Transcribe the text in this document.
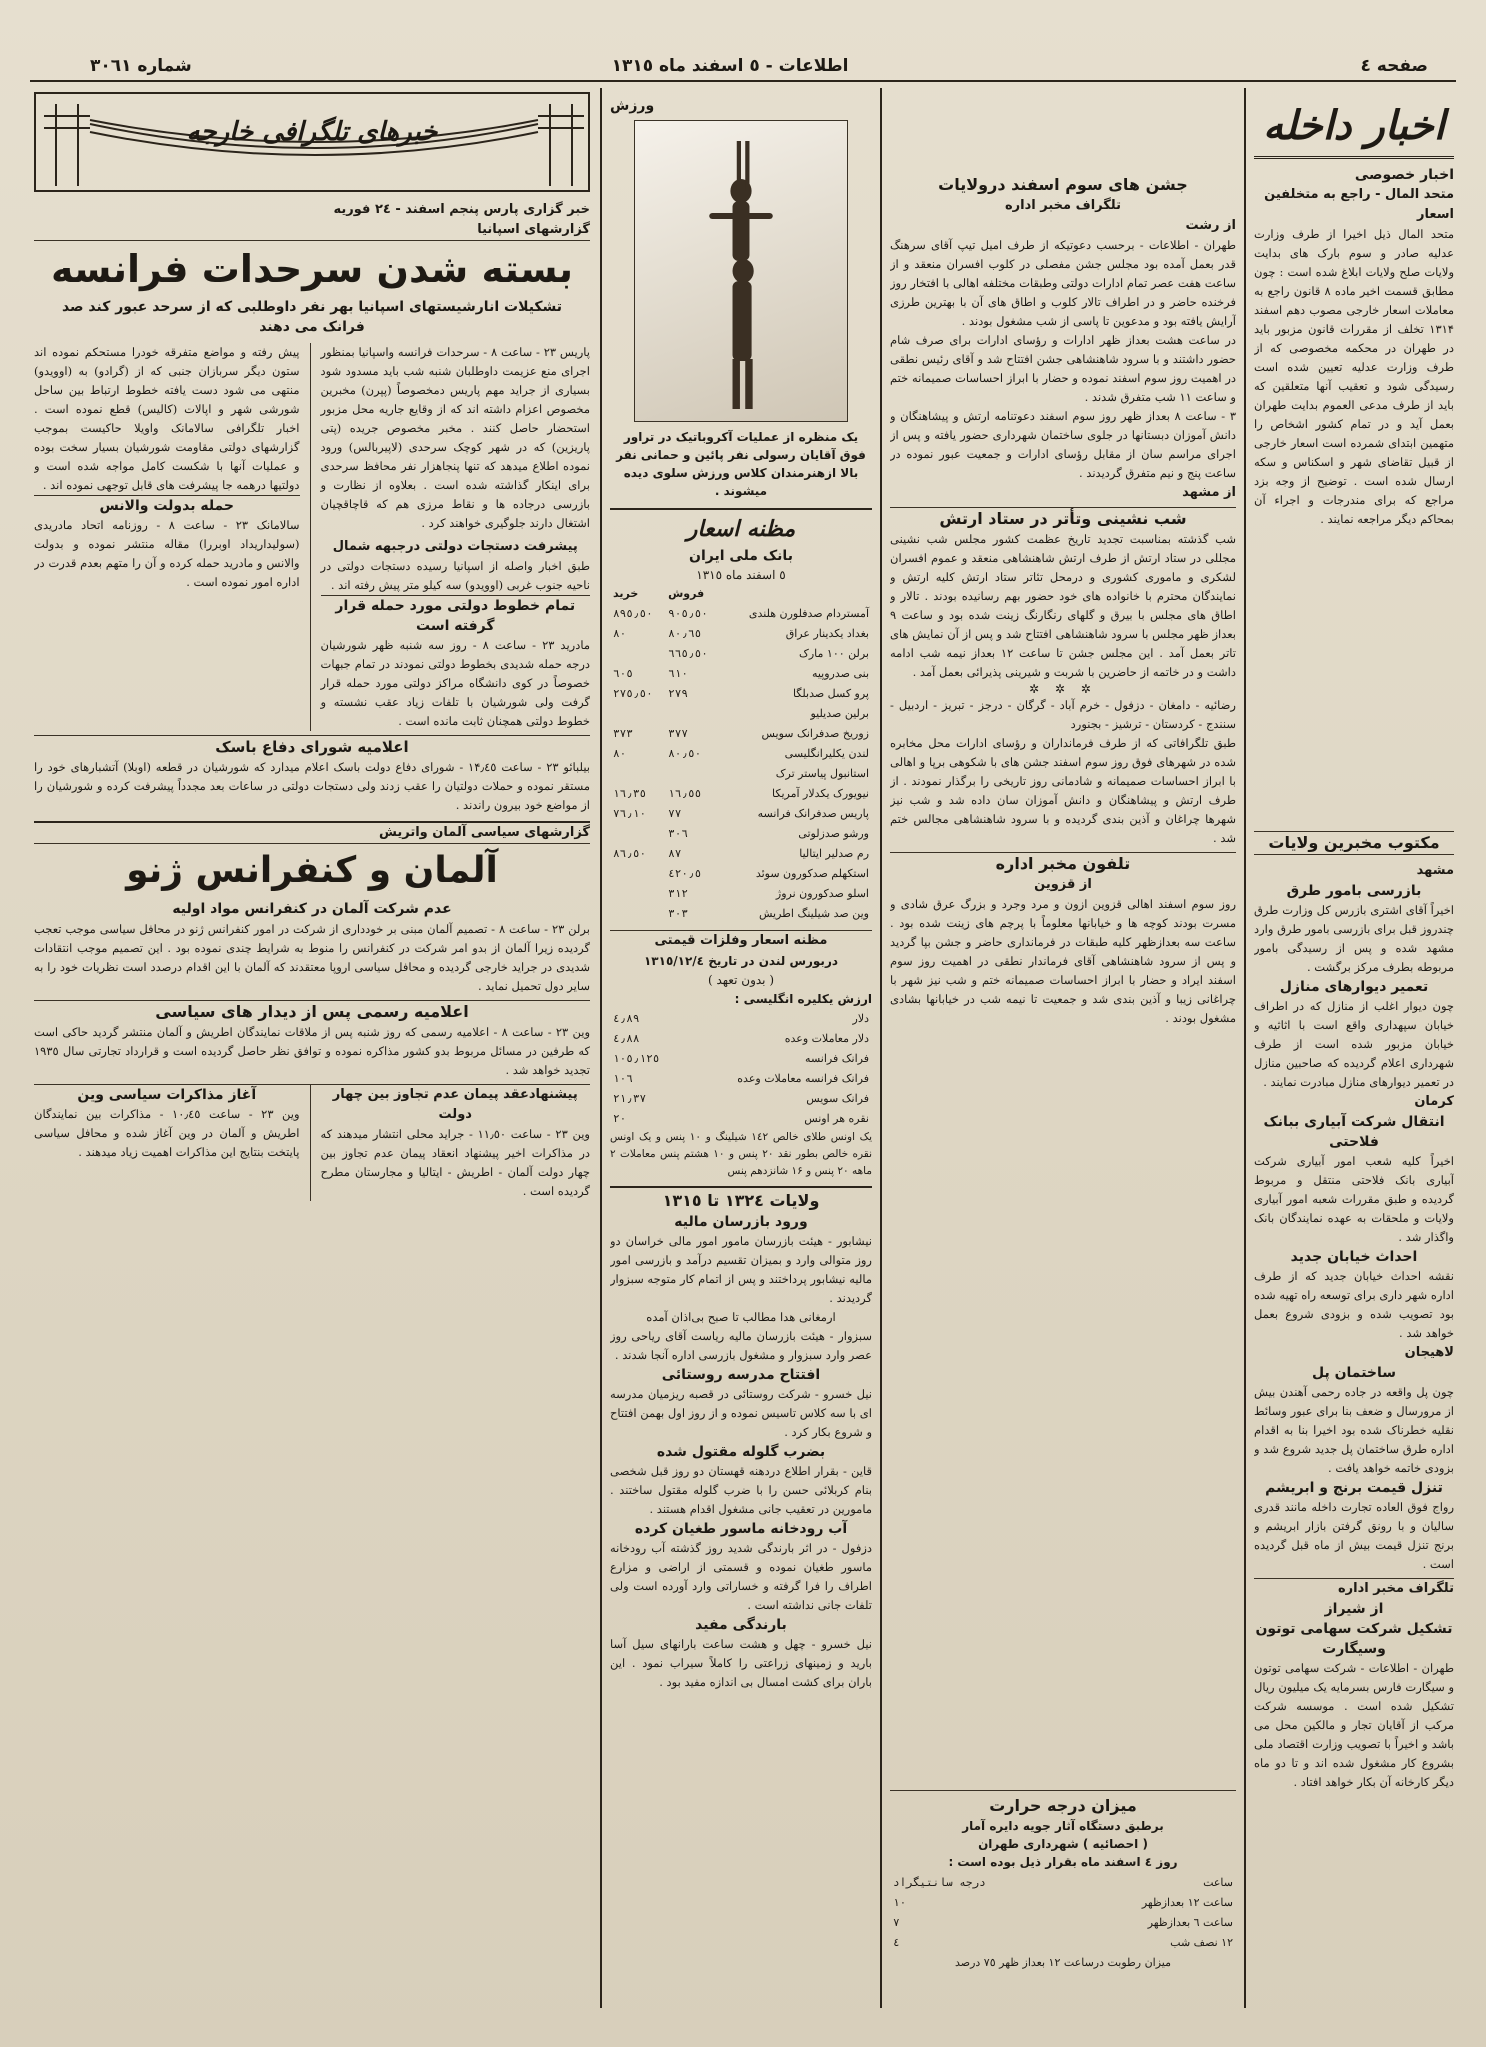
صفحه ٤
اطلاعات - ٥ اسفند ماه ١٣١٥
شماره ٣٠٦١
اخبار داخله
اخبار خصوصی
متحد المال - راجع به متخلفین اسعار
متحد المال ذیل اخیرا از طرف وزارت عدلیه صادر و سوم بارک های بدایت ولایات صلح ولایات ابلاغ شده است : چون مطابق قسمت اخیر ماده ۸ قانون راجع به معاملات اسعار خارجی مصوب دهم اسفند ۱۳۱۴ تخلف از مقررات قانون مزبور باید در طهران در محکمه مخصوصی که از طرف وزارت عدلیه تعیین شده است رسیدگی شود و تعقیب آنها متعلقین که باید از طرف مدعی العموم بدایت طهران بعمل آید و در تمام کشور اشخاص را متهمین ابتدای شمرده است اسعار خارجی از قبیل تقاضای شهر و اسکناس و سکه ارسال شده است . توضیح از وجه بزد مراجع که برای مندرجات و اجراء آن بمحاکم دیگر مراجعه نمایند .
مکتوب مخبرین ولایات
مشهد
بازرسی بامور طرق
اخیراً آقای اشتری بازرس کل وزارت طرق چندروز قبل برای بازرسی بامور طرق وارد مشهد شده و پس از رسیدگی بامور مربوطه بطرف مرکز برگشت .
تعمیر دیوارهای منازل
چون دیوار اغلب از منازل که در اطراف خیابان سپهداری واقع است با اثاثیه و خیابان مزبور شده است از طرف شهرداری اعلام گردیده که صاحبین منازل در تعمیر دیوارهای منازل مبادرت نمایند .
کرمان
انتقال شرکت آبیاری ببانک فلاحتی
اخیراً کلیه شعب امور آبیاری شرکت آبیاری بانک فلاحتی منتقل و مربوط گردیده و طبق مقررات شعبه امور آبیاری ولایات و ملحقات به عهده نمایندگان بانک واگذار شد .
احداث خیابان جدید
نقشه احداث خیابان جدید که از طرف اداره شهر داری برای توسعه راه تهیه شده بود تصویب شده و بزودی شروع بعمل خواهد شد .
لاهیجان
ساختمان پل
چون پل واقعه در جاده رحمی آهندن بیش از مرورسال و ضعف بنا برای عبور وسائط نقلیه خطرناک شده بود اخیرا بنا به اقدام اداره طرق ساختمان پل جدید شروع شد و بزودی خاتمه خواهد یافت .
تنزل قیمت برنج و ابریشم
رواج فوق العاده تجارت داخله مانند قدری سالیان و با رونق گرفتن بازار ابریشم و برنج تنزل قیمت بیش از ماه قبل گردیده است .
تلگراف مخبر اداره
از شیراز
تشکیل شرکت سهامی توتون وسیگارت
طهران - اطلاعات - شرکت سهامی توتون و سیگارت فارس بسرمایه یک میلیون ریال تشکیل شده است . موسسه شرکت مرکب از آقایان تجار و مالکین محل می باشد و اخیراً با تصویب وزارت اقتصاد ملی بشروع کار مشغول شده اند و تا دو ماه دیگر کارخانه آن بکار خواهد افتاد .
جشن های سوم اسفند درولایات
تلگراف مخبر اداره
از رشت
طهران - اطلاعات - برحسب دعوتیکه از طرف امیل تیپ آقای سرهنگ قدر بعمل آمده بود مجلس جشن مفصلی در کلوب افسران منعقد و از ساعت هفت عصر تمام ادارات دولتی وطبقات مختلفه اهالی با افتخار روز فرخنده حاضر و در اطراف تالار کلوب و اطاق های آن با بهترین طرزی آرایش یافته بود و مدعوین تا پاسی از شب مشغول بودند .
در ساعت هشت بعداز ظهر ادارات و رؤسای ادارات برای صرف شام حضور داشتند و با سرود شاهنشاهی جشن افتتاح شد و آقای رئیس نطقی در اهمیت روز سوم اسفند نموده و حضار با ابراز احساسات صمیمانه ختم و ساعت ۱۱ شب متفرق شدند .
۳ - ساعت ۸ بعداز ظهر روز سوم اسفند دعوتنامه ارتش و پیشاهنگان و دانش آموزان دبستانها در جلوی ساختمان شهرداری حضور یافته و پس از اجرای مراسم سان از مقابل رؤسای ادارات و جمعیت عبور نموده در ساعت پنج و نیم متفرق گردیدند .
از مشهد
شب نشینی وتأتر در ستاد ارتش
شب گذشته بمناسبت تجدید تاریخ عظمت کشور مجلس شب نشینی مجللی در ستاد ارتش از طرف ارتش شاهنشاهی منعقد و عموم افسران لشکری و ماموری کشوری و درمحل تئاتر ستاد ارتش کلیه ارتش و نمایندگان محترم با خانواده های خود حضور بهم رسانیده بودند . تالار و اطاق های مجلس با بیرق و گلهای رنگارنگ زینت شده بود و ساعت ۹ بعداز ظهر مجلس با سرود شاهنشاهی افتتاح شد و پس از آن نمایش های تاتر بعمل آمد . این مجلس جشن تا ساعت ۱۲ بعداز نیمه شب ادامه داشت و در خاتمه از حاضرین با شربت و شیرینی پذیرائی بعمل آمد .
✲ ✲ ✲
رضائیه - دامغان - دزفول - خرم آباد - گرگان - درجز - تبریز - اردبیل - سنندج - کردستان - ترشیز - بجنورد
طبق تلگرافاتی که از طرف فرمانداران و رؤسای ادارات محل مخابره شده در شهرهای فوق روز سوم اسفند جشن های با شکوهی برپا و اهالی با ابراز احساسات صمیمانه و شادمانی روز تاریخی را برگذار نمودند . از طرف ارتش و پیشاهنگان و دانش آموزان سان داده شد و شب نیز شهرها چراغان و آذین بندی گردیده و با سرود شاهنشاهی مجالس ختم شد .
تلفون مخبر اداره
از قزوین
روز سوم اسفند اهالی قزوین ازون و مرد وجرد و بزرگ عرق شادی و مسرت بودند کوچه ها و خیابانها معلوماً با پرچم های زینت شده بود . ساعت سه بعدازظهر کلیه طبقات در فرمانداری حاضر و جشن بپا گردید و پس از سرود شاهنشاهی آقای فرماندار نطقی در اهمیت روز سوم اسفند ایراد و حضار با ابراز احساسات صمیمانه ختم و شب نیز شهر با چراغانی زیبا و آذین بندی شد و جمعیت تا نیمه شب در خیابانها بشادی مشغول بودند .
میزان درجه حرارت
برطبق دستگاه آثار جویه دایره آمار
( احصائیه ) شهرداری طهران
روز ٤ اسفند ماه بقرار ذیل بوده است :
ساعت	درجه سانتیگراد
ساعت ۱۲ بعدازظهر	۱۰
ساعت ٦ بعدازظهر	٧
۱۲ نصف شب	٤
میزان رطوبت درساعت ۱۲ بعداز ظهر ۷٥ درصد
ورزش
یک منظره از عملیات آکروباتیک در تراور فوق آقایان رسولی نفر پائین و حمانی نفر بالا ازهنرمندان کلاس ورزش سلوی دیده میشوند .
مظنه اسعار
بانک ملی ایران
٥ اسفند ماه ۱۳۱٥
	فروش	خرید
آمستردام صدفلورن هلندی	۹۰٥٫٥۰	۸۹٥٫٥۰
بغداد یکدینار عراق	۸۰٫٦٥	۸۰
برلن ۱۰۰ مارک	٦٦٥٫٥۰	
بنی صدروپیه	٦۱۰	٦۰٥
پرو کسل صدبلگا	۲۷۹	۲۷٥٫٥۰
برلین صدیلیو		
زوریخ صدفرانک سویس	۳۷۷	۳۷۳
لندن یکلیرانگلیسی	۸۰٫٥۰	۸۰
استانبول پیاستر ترک		
نیویورک یکدلار آمریکا	۱٦٫٥٥	۱٦٫۳٥
پاریس صدفرانک فرانسه	۷۷	۷٦٫۱۰
ورشو صدزلوتی	۳۰٦	
رم صدلیر ایتالیا	۸۷	۸٦٫٥۰
استکهلم صدکورون سوئد	٤۲۰٫٥	
اسلو صدکورون نروژ	۳۱۲	
وین صد شیلینگ اطریش	۳۰۳	
مظنه اسعار وفلزات قیمتی
دربورس لندن در تاریخ ۱۳۱٥/۱۲/٤
( بدون تعهد )
ارزش یکلیره انگلیسی :
دلار	٤٫۸۹
دلار معاملات وعده	٤٫۸۸
فرانک فرانسه	۱۰٥٫۱۲٥
فرانک فرانسه معاملات وعده	۱۰٦
فرانک سویس	۲۱٫۳۷
نقره هر اونس	۲۰
یک اونس طلای خالص ۱٤۲ شیلینگ و ۱۰ پنس و یک اونس نقره خالص بطور نقد ۲۰ پنس و ۱۰ هشتم پنس معاملات ۲ ماهه ۲۰ پنس و ۱۶ شانزدهم پنس
ولایات ١٣٢٤ تا ١٣١٥
ورود بازرسان مالیه
نیشابور - هیئت بازرسان مامور امور مالی خراسان دو روز متوالی وارد و بمیزان تقسیم درآمد و بازرسی امور مالیه نیشابور پرداختند و پس از اتمام کار متوجه سبزوار گردیدند .
ارمغانی هدا مطالب تا صبح بی‌اذان آمده
سبزوار - هیئت بازرسان مالیه ریاست آقای ریاحی روز عصر وارد سبزوار و مشغول بازرسی اداره آنجا شدند .
افتتاح مدرسه روستائی
نیل خسرو - شرکت روستائی در قصبه ریزمیان مدرسه ای با سه کلاس تاسیس نموده و از روز اول بهمن افتتاح و شروع بکار کرد .
بضرب گلوله مقتول شده
قاین - بقرار اطلاع دردهنه قهستان دو روز قبل شخصی بنام کربلائی حسن را با ضرب گلوله مقتول ساختند . مامورین در تعقیب جانی مشغول اقدام هستند .
آب رودخانه ماسور طغیان کرده
دزفول - در اثر بارندگی شدید روز گذشته آب رودخانه ماسور طغیان نموده و قسمتی از اراضی و مزارع اطراف را فرا گرفته و خساراتی وارد آورده است ولی تلفات جانی نداشته است .
بارندگی مفید
نیل خسرو - چهل و هشت ساعت بارانهای سیل آسا بارید و زمینهای زراعتی را کاملاً سیراب نمود . این باران برای کشت امسال بی اندازه مفید بود .
خبرهای تلگرافی خارجه
خبر گزاری پارس پنجم اسفند - ۲٤ فوریه
گزارشهای اسپانیا
بسته شدن سرحدات فرانسه
تشکیلات انارشیستهای اسپانیا بهر نفر داوطلبی که از سرحد عبور کند صد فرانک می دهند
پاریس ۲۳ - ساعت ۸ - سرحدات فرانسه واسپانیا بمنظور اجرای منع عزیمت داوطلبان شنبه شب باید مسدود شود بسیاری از جراید مهم پاریس دمخصوصاً (پپرن) مخبرین مخصوص اعزام داشته اند که از وقایع جاریه محل مزبور استحضار حاصل کنند . مخبر مخصوص جریده (پتی پاریزین) که در شهر کوچک سرحدی (لاپیربالس) ورود نموده اطلاع میدهد که تنها پنجاهزار نفر محافظ سرحدی برای اینکار گذاشته شده است . بعلاوه از نظارت و بازرسی درجاده ها و نقاط مرزی هم که قاچاقچیان اشتغال دارند جلوگیری خواهند کرد .
پیشرفت دستجات دولتی درجبهه شمال
طبق اخبار واصله از اسپانیا رسیده دستجات دولتی در ناحیه جنوب غربی (اوویدو) سه کیلو متر پیش رفته اند .
تمام خطوط دولتی مورد حمله قرار گرفته است
مادرید ۲۳ - ساعت ۸ - روز سه شنبه ظهر شورشیان درجه حمله شدیدی بخطوط دولتی نمودند در تمام جبهات خصوصاً در کوی دانشگاه مراکز دولتی مورد حمله قرار گرفت ولی شورشیان با تلفات زیاد عقب نشسته و خطوط دولتی همچنان ثابت مانده است .
پیش رفته و مواضع متفرقه خودرا مستحکم نموده اند ستون دیگر سربازان جنبی که از (گرادو) به (اوویدو) منتهی می شود دست یافته خطوط ارتباط بین ساحل شورشی شهر و اپالات (کالیس) قطع نموده است . اخبار تلگرافی سالامانک واویلا حاکیست بموجب گزارشهای دولتی مقاومت شورشیان بسیار سخت بوده و عملیات آنها با شکست کامل مواجه شده است و دولتیها درهمه جا پیشرفت های قابل توجهی نموده اند .
حمله بدولت والانس
سالامانک ۲۳ - ساعت ۸ - روزنامه اتحاد مادریدی (سولیداریداد اوبررا) مقاله منتشر نموده و بدولت والانس و مادرید حمله کرده و آن را متهم بعدم قدرت در اداره امور نموده است .
اعلامیه شورای دفاع باسک
بیلبائو ۲۳ - ساعت ۱۴٫٤٥ - شورای دفاع دولت باسک اعلام میدارد که شورشیان در قطعه (اوبلا) آتشبارهای خود را مستقر نموده و حملات دولتیان را عقب زدند ولی دستجات دولتی در ساعات بعد مجدداً پیشرفت کرده و شورشیان را از مواضع خود بیرون راندند .
گزارشهای سیاسی آلمان واتریش
آلمان و کنفرانس ژنو
عدم شرکت آلمان در کنفرانس مواد اولیه
برلن ۲۳ - ساعت ۸ - تصمیم آلمان مبنی بر خودداری از شرکت در امور کنفرانس ژنو در محافل سیاسی موجب تعجب گردیده زیرا آلمان از بدو امر شرکت در کنفرانس را منوط به شرایط چندی نموده بود . این تصمیم موجب انتقادات شدیدی در جراید خارجی گردیده و محافل سیاسی اروپا معتقدند که آلمان با این اقدام درصدد است نظریات خود را به سایر دول تحمیل نماید .
اعلامیه رسمی پس از دیدار های سیاسی
وین ۲۳ - ساعت ۸ - اعلامیه رسمی که روز شنبه پس از ملاقات نمایندگان اطریش و آلمان منتشر گردید حاکی است که طرفین در مسائل مربوط بدو کشور مذاکره نموده و توافق نظر حاصل گردیده است و قرارداد تجارتی سال ۱۹۳٥ تجدید خواهد شد .
پیشنهادعقد پیمان عدم تجاوز بین چهار دولت
وین ۲۳ - ساعت ۱۱٫٥۰ - جراید محلی انتشار میدهند که در مذاکرات اخیر پیشنهاد انعقاد پیمان عدم تجاوز بین چهار دولت آلمان - اطریش - ایتالیا و مجارستان مطرح گردیده است .
آغاز مذاکرات سیاسی وین
وین ۲۳ - ساعت ۱۰٫٤٥ - مذاکرات بین نمایندگان اطریش و آلمان در وین آغاز شده و محافل سیاسی پایتخت بنتایج این مذاکرات اهمیت زیاد میدهند .
